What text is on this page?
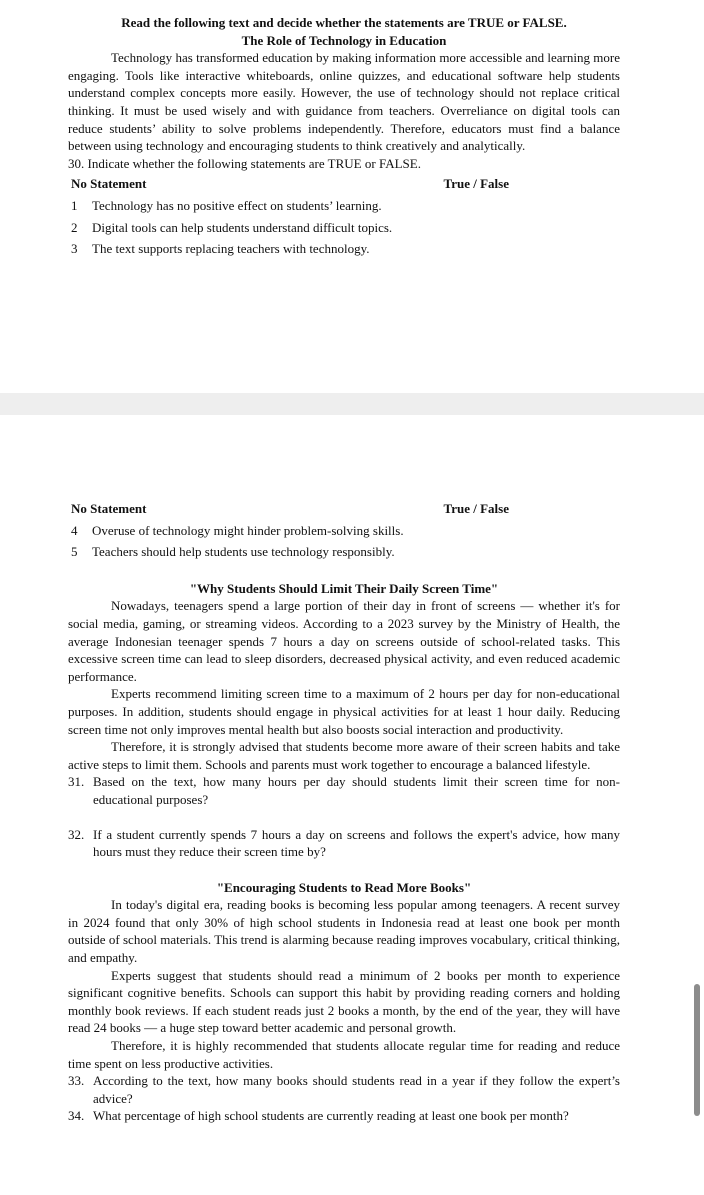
Read the following text and decide whether the statements are TRUE or FALSE.

The Role of Technology in Education

Technology has transformed education by making information more accessible and learning more engaging. Tools like interactive whiteboards, online quizzes, and educational software help students understand complex concepts more easily. However, the use of technology should not replace critical thinking. It must be used wisely and with guidance from teachers. Overreliance on digital tools can reduce students’ ability to solve problems independently. Therefore, educators must find a balance between using technology and encouraging students to think creatively and analytically.

30. Indicate whether the following statements are TRUE or FALSE.

No Statement	True / False
1	Technology has no positive effect on students’ learning.
2	Digital tools can help students understand difficult topics.
3	The text supports replacing teachers with technology.
No Statement	True / False
4	Overuse of technology might hinder problem-solving skills.
5	Teachers should help students use technology responsibly.

"Why Students Should Limit Their Daily Screen Time"

Nowadays, teenagers spend a large portion of their day in front of screens — whether it's for social media, gaming, or streaming videos. According to a 2023 survey by the Ministry of Health, the average Indonesian teenager spends 7 hours a day on screens outside of school-related tasks. This excessive screen time can lead to sleep disorders, decreased physical activity, and even reduced academic performance.

Experts recommend limiting screen time to a maximum of 2 hours per day for non-educational purposes. In addition, students should engage in physical activities for at least 1 hour daily. Reducing screen time not only improves mental health but also boosts social interaction and productivity.

Therefore, it is strongly advised that students become more aware of their screen habits and take active steps to limit them. Schools and parents must work together to encourage a balanced lifestyle.

31. Based on the text, how many hours per day should students limit their screen time for non-educational purposes?
32. If a student currently spends 7 hours a day on screens and follows the expert's advice, how many hours must they reduce their screen time by?

"Encouraging Students to Read More Books"

In today's digital era, reading books is becoming less popular among teenagers. A recent survey in 2024 found that only 30% of high school students in Indonesia read at least one book per month outside of school materials. This trend is alarming because reading improves vocabulary, critical thinking, and empathy.

Experts suggest that students should read a minimum of 2 books per month to experience significant cognitive benefits. Schools can support this habit by providing reading corners and holding monthly book reviews. If each student reads just 2 books a month, by the end of the year, they will have read 24 books — a huge step toward better academic and personal growth.

Therefore, it is highly recommended that students allocate regular time for reading and reduce time spent on less productive activities.

33. According to the text, how many books should students read in a year if they follow the expert’s advice?
34. What percentage of high school students are currently reading at least one book per month?
